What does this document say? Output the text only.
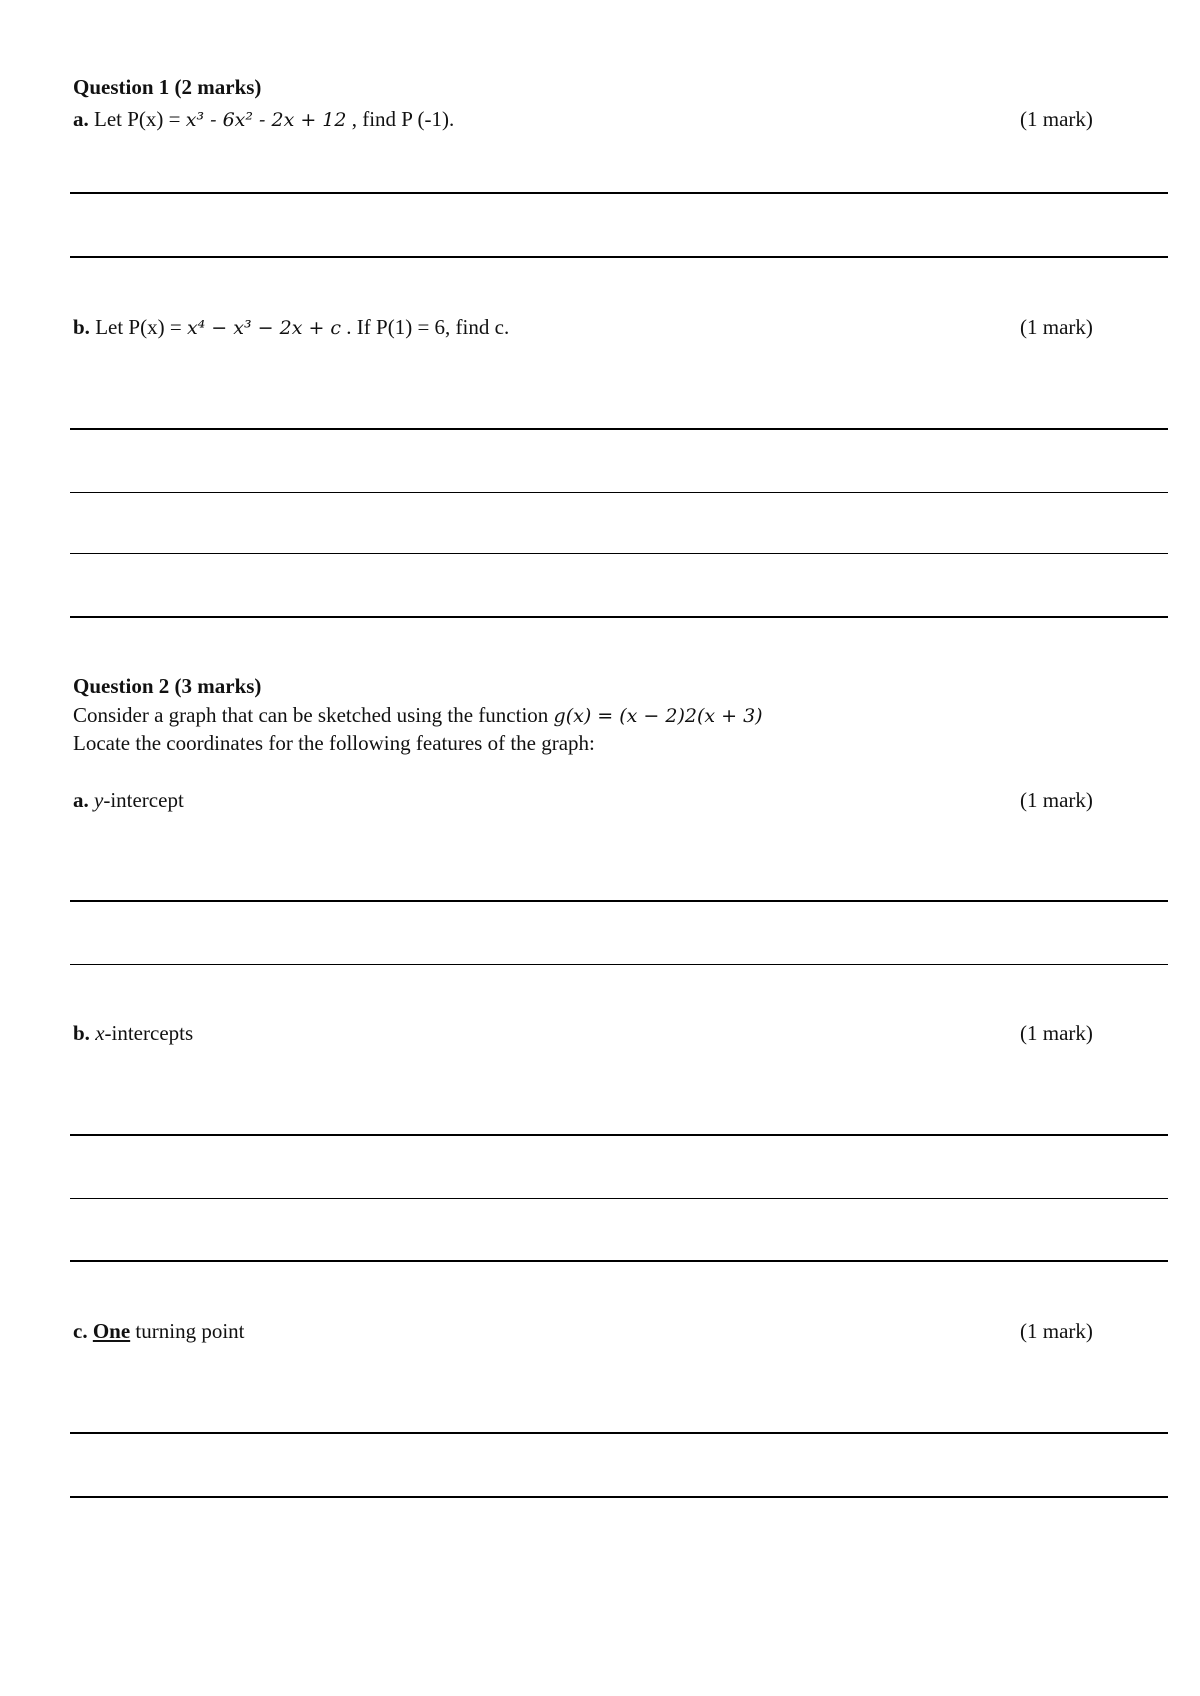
Question 1 (2 marks)
a. Let P(x) = x³ - 6x² - 2x + 12 , find P (-1).	(1 mark)
b. Let P(x) = x⁴ − x³ − 2x + c . If P(1) = 6, find c.	(1 mark)
Question 2 (3 marks)
Consider a graph that can be sketched using the function g(x) = (x − 2)2(x + 3)
Locate the coordinates for the following features of the graph:
a. y-intercept	(1 mark)
b. x-intercepts	(1 mark)
c. One turning point	(1 mark)
